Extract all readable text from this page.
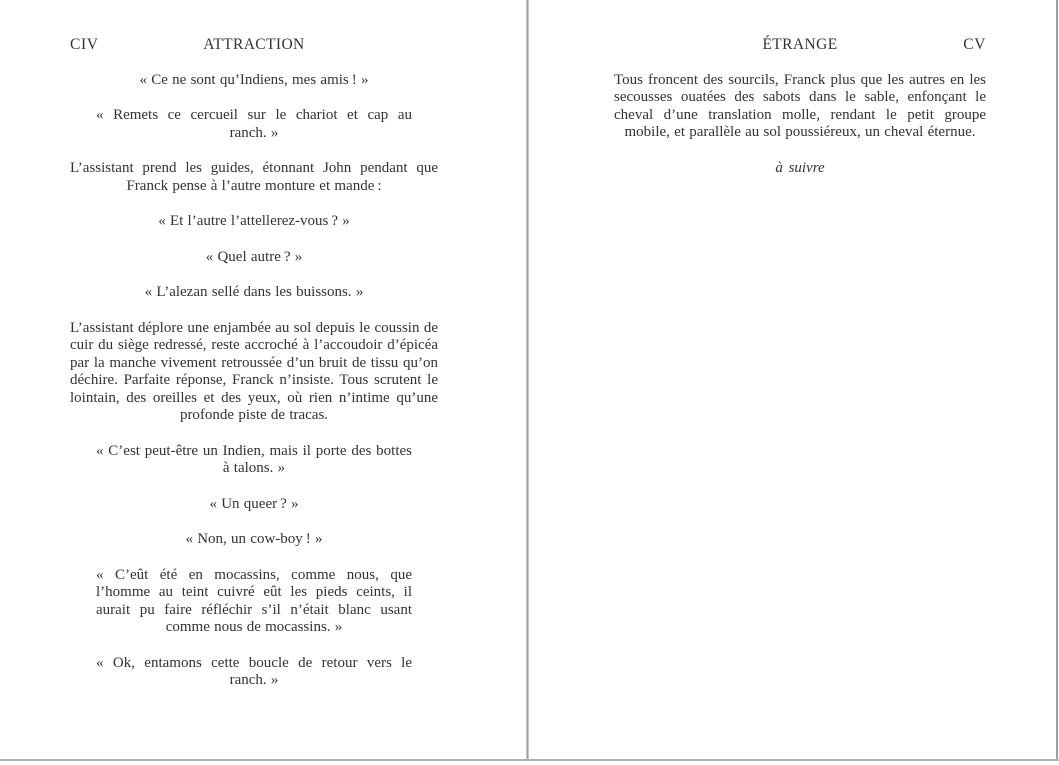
CIV	ATTRACTION

« Ce ne sont qu’Indiens, mes amis ! »

« Remets ce cercueil sur le chariot et cap au ranch. »

L’assistant prend les guides, étonnant John pendant que Franck pense à l’autre monture et mande :

« Et l’autre l’attellerez-vous ? »

« Quel autre ? »

« L’alezan sellé dans les buissons. »

L’assistant déplore une enjambée au sol depuis le coussin de cuir du siège redressé, reste accroché à l’accoudoir d’épicéa par la manche vivement retroussée d’un bruit de tissu qu’on déchire. Parfaite réponse, Franck n’insiste. Tous scrutent le lointain, des oreilles et des yeux, où rien n’intime qu’une profonde piste de tracas.

« C’est peut-être un Indien, mais il porte des bottes à talons. »

« Un queer ? »

« Non, un cow-boy ! »

« C’eût été en mocassins, comme nous, que l’homme au teint cuivré eût les pieds ceints, il aurait pu faire réfléchir s’il n’était blanc usant comme nous de mocassins. »

« Ok, entamons cette boucle de retour vers le ranch. »

ÉTRANGE	CV

Tous froncent des sourcils, Franck plus que les autres en les secousses ouatées des sabots dans le sable, enfonçant le cheval d’une translation molle, rendant le petit groupe mobile, et parallèle au sol poussiéreux, un cheval éternue.

à suivre
